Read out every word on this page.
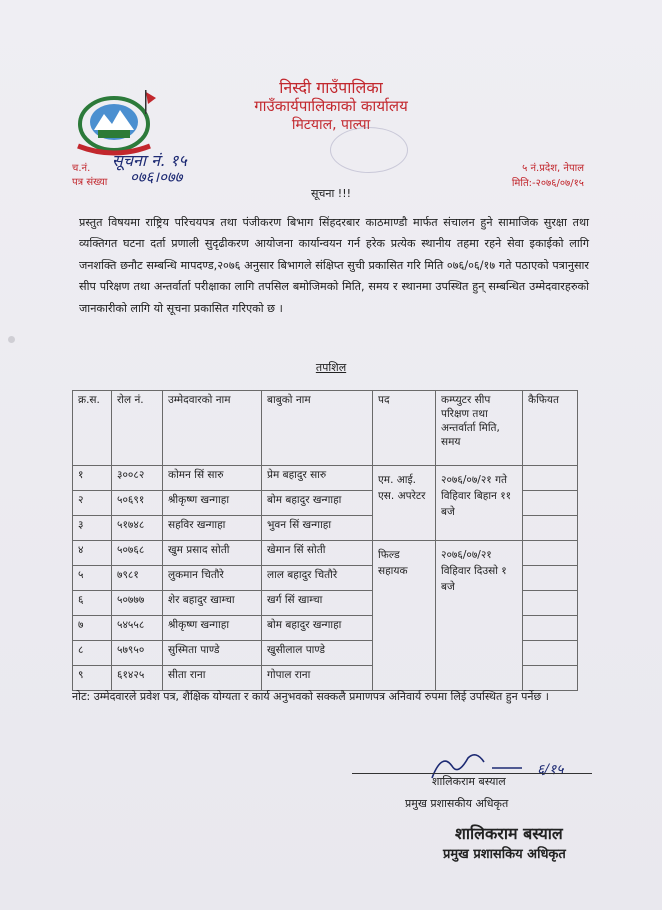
निस्दी गाउँपालिका
गाउँकार्यपालिकाको कार्यालय
मिटयाल, पाल्पा
च.नं.
पत्र संख्या
सूचना नं. १५
०७६।०७७	५ नं.प्रदेश, नेपाल
मिति:-२०७६/०७/१५
सूचना !!!
प्रस्तुत विषयमा राष्ट्रिय परिचयपत्र तथा पंजीकरण बिभाग सिंहदरबार काठमाण्डौ मार्फत संचालन हुने सामाजिक सुरक्षा तथा व्यक्तिगत घटना दर्ता प्रणाली सुदृढीकरण आयोजना कार्यान्वयन गर्न हरेक प्रत्येक स्थानीय तहमा रहने सेवा इकाईको लागि जनशक्ति छनौट सम्बन्धि मापदण्ड,२०७६ अनुसार बिभागले संक्षिप्त सुची प्रकासित गरि मिति ०७६/०६/१७ गते पठाएको पत्रानुसार सीप परिक्षण तथा अन्तर्वार्ता परीक्षाका लागि तपसिल बमोजिमको मिति, समय र स्थानमा उपस्थित हुन् सम्बन्धित उम्मेदवारहरुको जानकारीको लागि यो सूचना प्रकासित गरिएको छ ।
तपशिल
क्र.स.	रोल नं.	उम्मेदवारको नाम	बाबुको नाम	पद	कम्प्युटर सीप परिक्षण तथा अन्तर्वार्ता मिति, समय	कैफियत
१	३००८२	कोमन सिं सारु	प्रेम बहादुर सारु	एम. आई. एस. अपरेटर	२०७६/०७/२१ गते विहिवार बिहान ११ बजे	
२	५०६९१	श्रीकृष्ण खन्गाहा	बोम बहादुर खन्गाहा			
३	५१७४८	सहविर खन्गाहा	भुवन सिं खन्गाहा			
४	५०७६८	खुम प्रसाद सोती	खेमान सिं सोती	फिल्ड सहायक	२०७६/०७/२१ विहिवार दिउसो १ बजे	
५	७९८१	लुकमान चितौरे	लाल बहादुर चितौरे			
६	५०७७७	शेर बहादुर खाम्चा	खर्ग सिं खाम्चा			
७	५४५५८	श्रीकृष्ण खन्गाहा	बोम बहादुर खन्गाहा			
८	५७९५०	सुस्मिता पाण्डे	खुसीलाल पाण्डे			
९	६१४२५	सीता राना	गोपाल राना			
नोट: उम्मेदवारले प्रवेश पत्र, शैक्षिक योग्यता र कार्य अनुभवको सक्कलै प्रमाणपत्र अनिवार्य रुपमा लिई उपस्थित हुन पर्नेछ ।
६/१५
शालिकराम बस्याल
प्रमुख प्रशासकीय अधिकृत
शालिकराम बस्याल
प्रमुख प्रशासकिय अधिकृत
